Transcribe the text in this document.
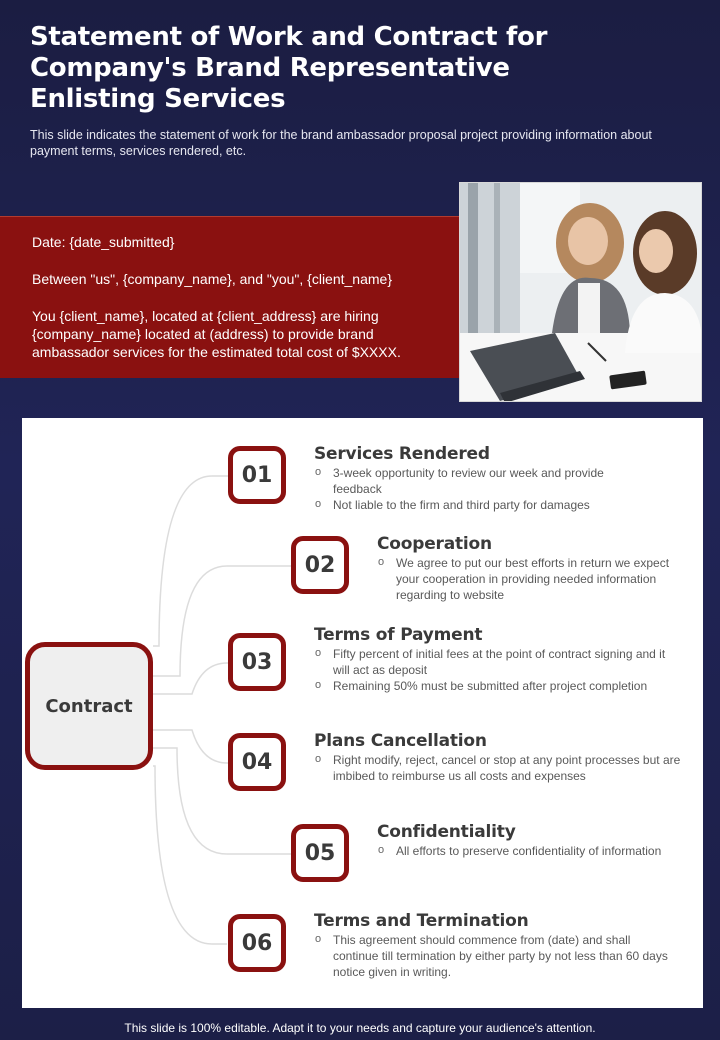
Statement of Work and Contract for Company's Brand Representative Enlisting Services

This slide indicates the statement of work for the brand ambassador proposal project providing information about payment terms, services rendered, etc.

Date: {date_submitted}

Between "us", {company_name}, and "you", {client_name}

You {client_name}, located at {client_address} are hiring {company_name} located at (address) to provide brand ambassador services for the estimated total cost of $XXXX.

Contract
01
02
03
04
05
06
Services Rendered
o 3-week opportunity to review our week and provide feedback
o Not liable to the firm and third party for damages
Cooperation
o We agree to put our best efforts in return we expect your cooperation in providing needed information regarding to website
Terms of Payment
o Fifty percent of initial fees at the point of contract signing and it will act as deposit
o Remaining 50% must be submitted after project completion
Plans Cancellation
o Right modify, reject, cancel or stop at any point processes but are imbibed to reimburse us all costs and expenses
Confidentiality
o All efforts to preserve confidentiality of information
Terms and Termination
o This agreement should commence from (date) and shall continue till termination by either party by not less than 60 days notice given in writing.
This slide is 100% editable. Adapt it to your needs and capture your audience's attention.
